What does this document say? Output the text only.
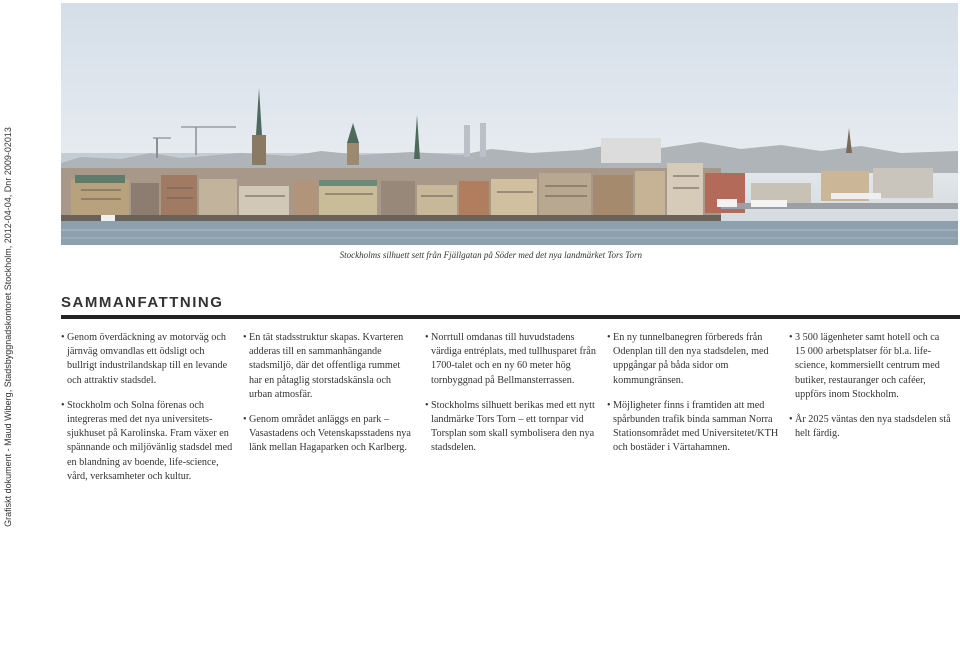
Grafiskt dokument - Maud Wiberg, Stadsbyggnadskontoret Stockholm, 2012-04-04, Dnr 2009-02013	Stockholms silhuett sett från Fjällgatan på Söder med det nya landmärket Tors Torn
SAMMANFATTNING

• Genom överdäckning av motorväg och järnväg omvandlas ett ödsligt och bullrigt industrilandskap till en levande och attraktiv stadsdel.

• Stockholm och Solna förenas och integreras med det nya universitets-sjukhuset på Karolinska. Fram växer en spännande och miljövänlig stadsdel med en blandning av boende, life-science, vård, verksamheter och kultur.

• En tät stadsstruktur skapas. Kvarteren adderas till en sammanhängande stadsmiljö, där det offentliga rummet har en påtaglig storstadskänsla och urban atmosfär.

• Genom området anläggs en park – Vasastadens och Vetenskapsstadens nya länk mellan Hagaparken och Karlberg.

• Norrtull omdanas till huvudstadens värdiga entréplats, med tullhusparet från 1700-talet och en ny 60 meter hög tornbyggnad på Bellmansterrassen.

• Stockholms silhuett berikas med ett nytt landmärke Tors Torn – ett tornpar vid Torsplan som skall symbolisera den nya stadsdelen.

• En ny tunnelbanegren förbereds från Odenplan till den nya stadsdelen, med uppgångar på båda sidor om kommungränsen.

• Möjligheter finns i framtiden att med spårbunden trafik binda samman Norra Stationsområdet med Universitetet/KTH och bostäder i Värtahamnen.

• 3 500 lägenheter samt hotell och ca 15 000 arbetsplatser för bl.a. life-science, kommersiellt centrum med butiker, restauranger och caféer, uppförs inom Stockholm.

• År 2025 väntas den nya stadsdelen stå helt färdig.
